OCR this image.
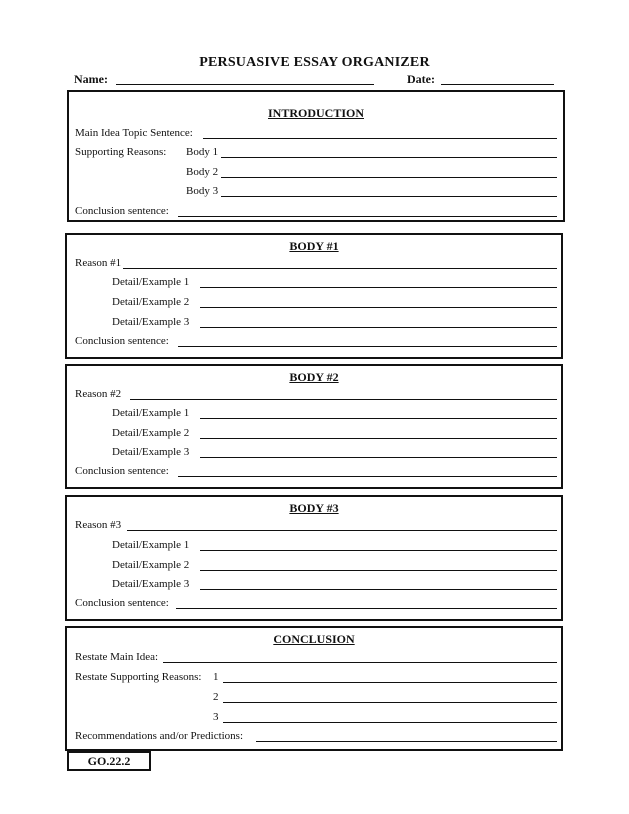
PERSUASIVE ESSAY ORGANIZER
Name:	Date:
INTRODUCTION
Main Idea Topic Sentence:
Supporting Reasons: Body 1
Body 2
Body 3
Conclusion sentence:
BODY #1
Reason #1
Detail/Example 1
Detail/Example 2
Detail/Example 3
Conclusion sentence:
BODY #2
Reason #2
Detail/Example 1
Detail/Example 2
Detail/Example 3
Conclusion sentence:
BODY #3
Reason #3
Detail/Example 1
Detail/Example 2
Detail/Example 3
Conclusion sentence:
CONCLUSION
Restate Main Idea:
Restate Supporting Reasons: 1
2
3
Recommendations and/or Predictions:
GO.22.2
